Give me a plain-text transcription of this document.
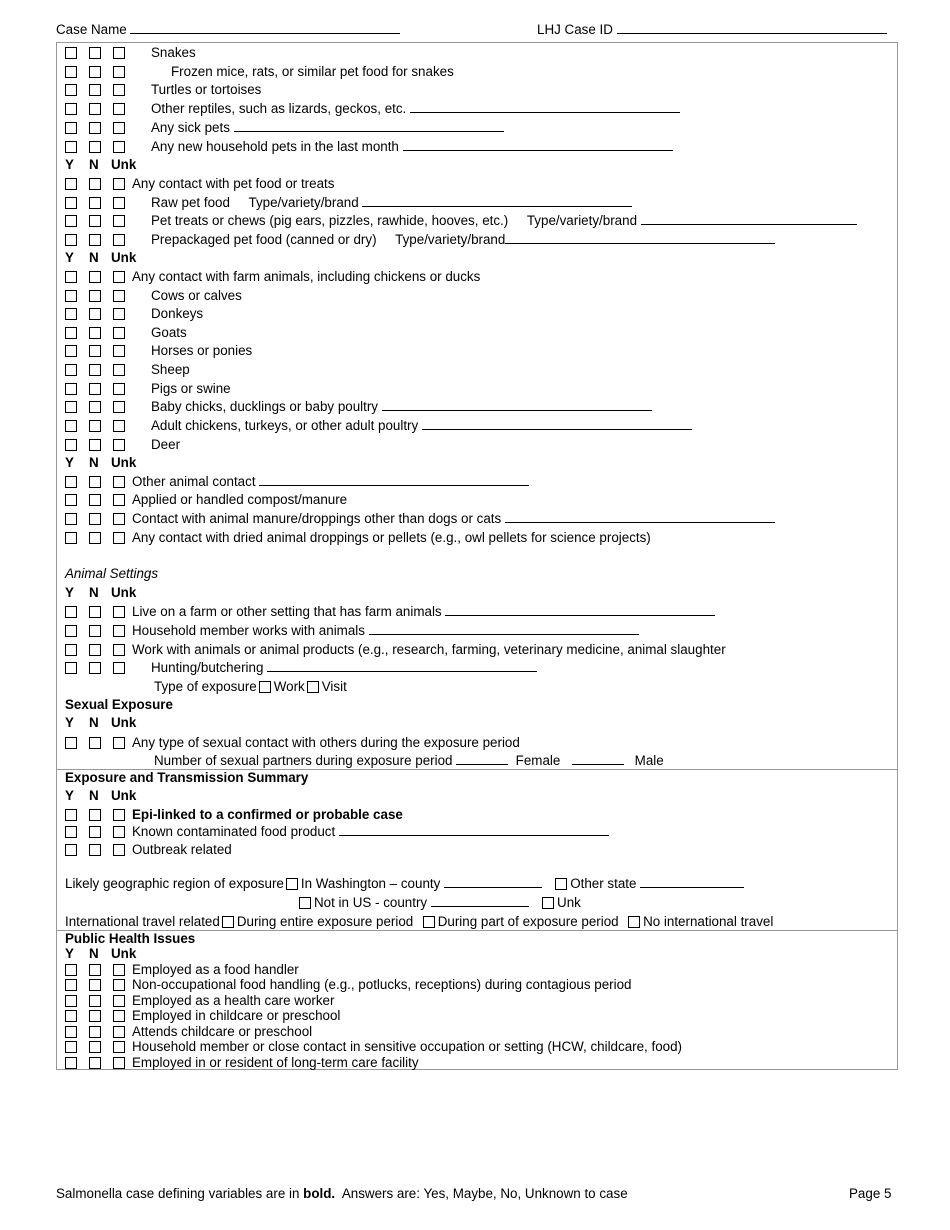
Case Name	LHJ Case ID
Snakes
Frozen mice, rats, or similar pet food for snakes
Turtles or tortoises
Other reptiles, such as lizards, geckos, etc.
Any sick pets
Any new household pets in the last month
Y N Unk
Any contact with pet food or treats
Raw pet food Type/variety/brand
Pet treats or chews (pig ears, pizzles, rawhide, hooves, etc.) Type/variety/brand
Prepackaged pet food (canned or dry) Type/variety/brand
Y N Unk
Any contact with farm animals, including chickens or ducks
Cows or calves
Donkeys
Goats
Horses or ponies
Sheep
Pigs or swine
Baby chicks, ducklings or baby poultry
Adult chickens, turkeys, or other adult poultry
Deer
Y N Unk
Other animal contact
Applied or handled compost/manure
Contact with animal manure/droppings other than dogs or cats
Any contact with dried animal droppings or pellets (e.g., owl pellets for science projects)
Animal Settings
Y N Unk
Live on a farm or other setting that has farm animals
Household member works with animals
Work with animals or animal products (e.g., research, farming, veterinary medicine, animal slaughter
Hunting/butchering
Type of exposure Work Visit
Sexual Exposure
Y N Unk
Any type of sexual contact with others during the exposure period
Number of sexual partners during exposure period	Female	Male
Exposure and Transmission Summary
Y N Unk
Epi-linked to a confirmed or probable case
Known contaminated food product
Outbreak related
Likely geographic region of exposure In Washington – county	Other state
Not in US - country	Unk
International travel related During entire exposure period During part of exposure period No international travel
Public Health Issues
Y N Unk
Employed as a food handler
Non-occupational food handling (e.g., potlucks, receptions) during contagious period
Employed as a health care worker
Employed in childcare or preschool
Attends childcare or preschool
Household member or close contact in sensitive occupation or setting (HCW, childcare, food)
Employed in or resident of long-term care facility
Salmonella case defining variables are in bold. Answers are: Yes, Maybe, No, Unknown to case	Page 5
